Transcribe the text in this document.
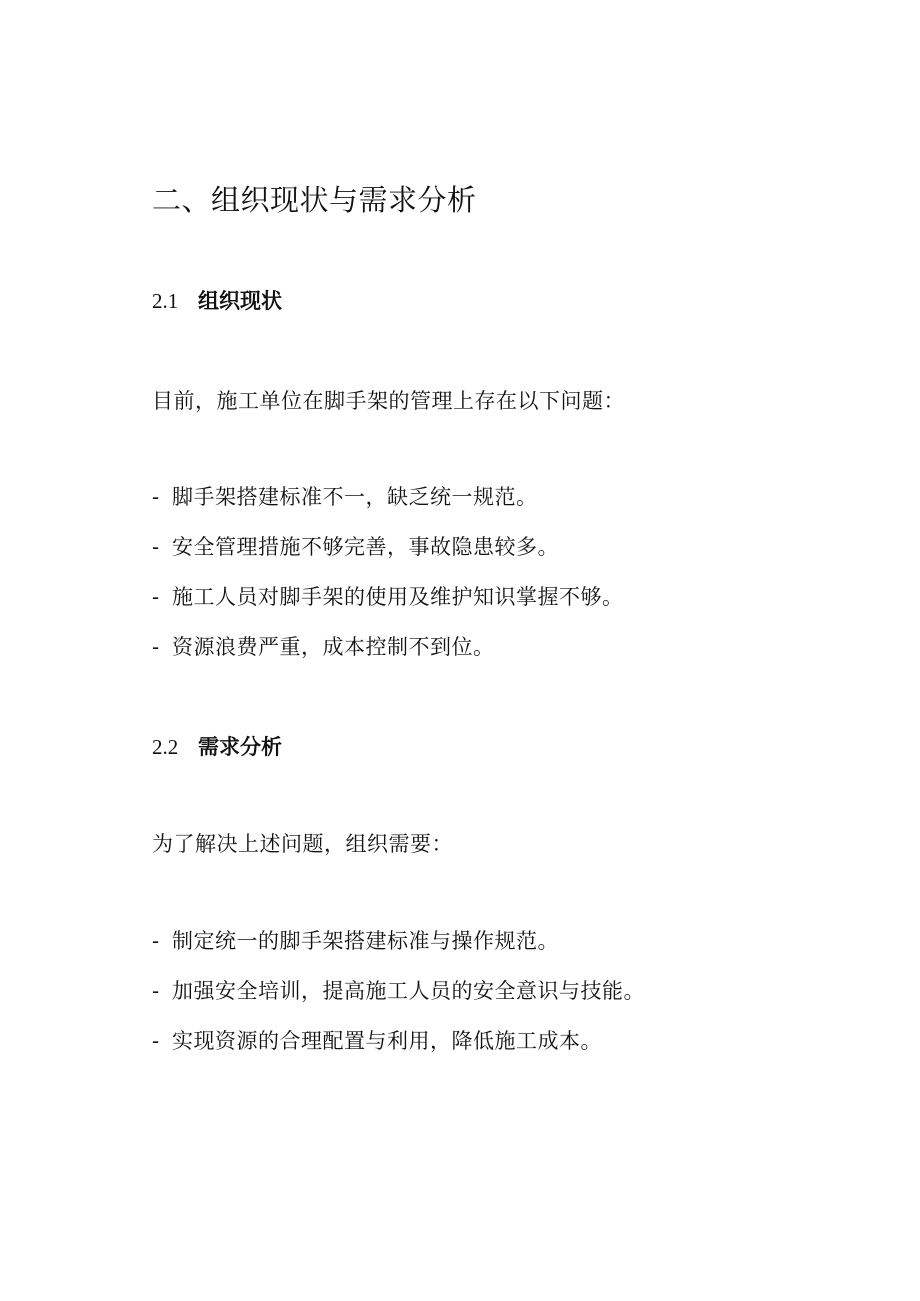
二、组织现状与需求分析
2.1 组织现状
目前，施工单位在脚手架的管理上存在以下问题：
- 脚手架搭建标准不一，缺乏统一规范。
- 安全管理措施不够完善，事故隐患较多。
- 施工人员对脚手架的使用及维护知识掌握不够。
- 资源浪费严重，成本控制不到位。
2.2 需求分析
为了解决上述问题，组织需要：
- 制定统一的脚手架搭建标准与操作规范。
- 加强安全培训，提高施工人员的安全意识与技能。
- 实现资源的合理配置与利用，降低施工成本。
